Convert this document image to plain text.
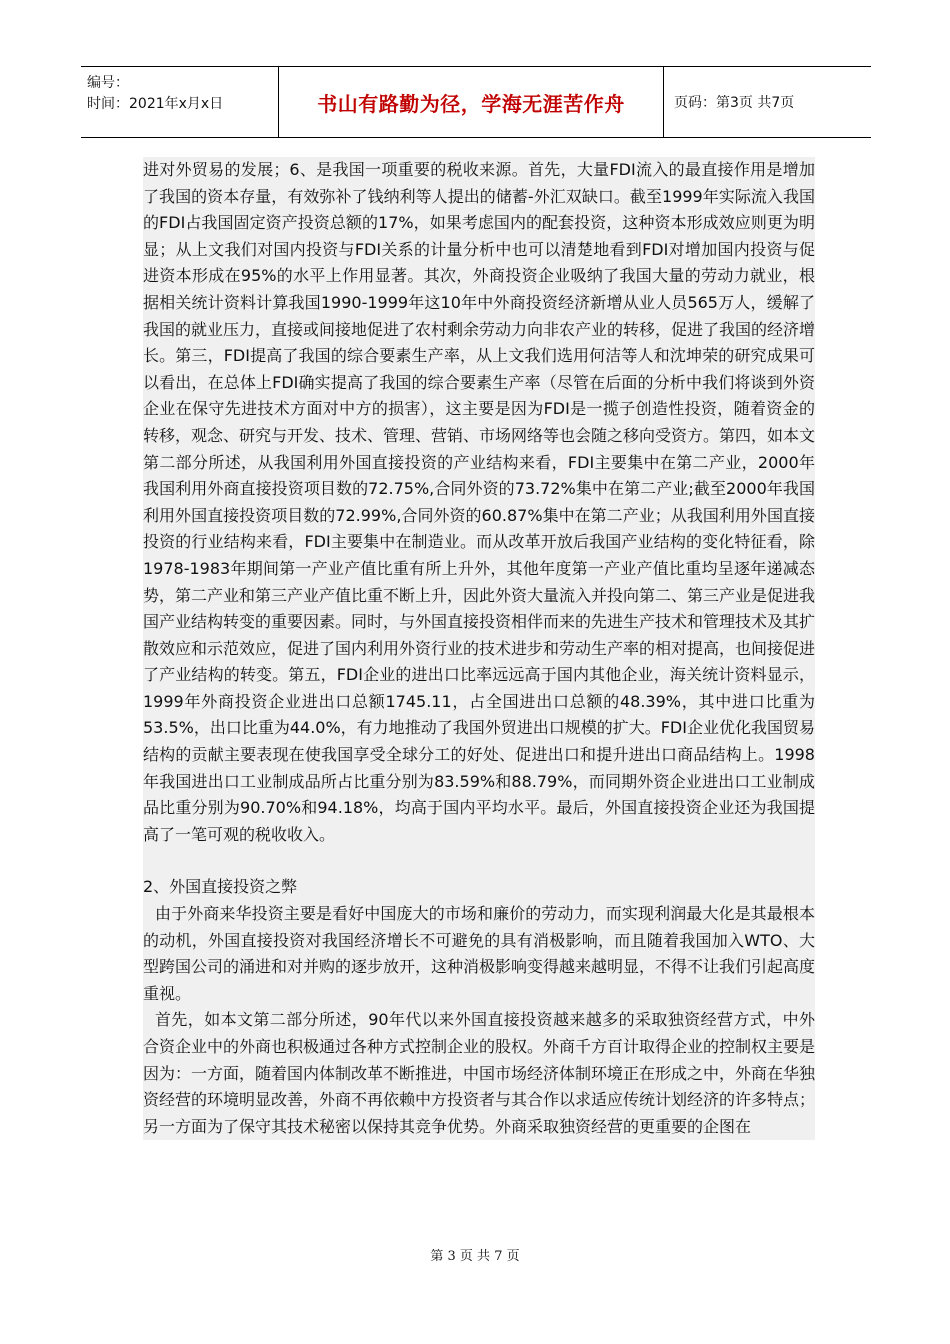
编号：
时间：2021年x月x日	书山有路勤为径，学海无涯苦作舟	页码：第3页 共7页

进对外贸易的发展；6、是我国一项重要的税收来源。首先，大量FDI流入的最直接作用是增加了我国的资本存量，有效弥补了钱纳利等人提出的储蓄-外汇双缺口。截至1999年实际流入我国的FDI占我国固定资产投资总额的17%，如果考虑国内的配套投资，这种资本形成效应则更为明显；从上文我们对国内投资与FDI关系的计量分析中也可以清楚地看到FDI对增加国内投资与促进资本形成在95%的水平上作用显著。其次，外商投资企业吸纳了我国大量的劳动力就业，根据相关统计资料计算我国1990-1999年这10年中外商投资经济新增从业人员565万人，缓解了我国的就业压力，直接或间接地促进了农村剩余劳动力向非农产业的转移，促进了我国的经济增长。第三，FDI提高了我国的综合要素生产率，从上文我们选用何洁等人和沈坤荣的研究成果可以看出，在总体上FDI确实提高了我国的综合要素生产率（尽管在后面的分析中我们将谈到外资企业在保守先进技术方面对中方的损害），这主要是因为FDI是一揽子创造性投资，随着资金的转移，观念、研究与开发、技术、管理、营销、市场网络等也会随之移向受资方。第四，如本文第二部分所述，从我国利用外国直接投资的产业结构来看，FDI主要集中在第二产业，2000年我国利用外商直接投资项目数的72.75%,合同外资的73.72%集中在第二产业;截至2000年我国利用外国直接投资项目数的72.99%,合同外资的60.87%集中在第二产业；从我国利用外国直接投资的行业结构来看，FDI主要集中在制造业。而从改革开放后我国产业结构的变化特征看，除1978-1983年期间第一产业产值比重有所上升外，其他年度第一产业产值比重均呈逐年递减态势，第二产业和第三产业产值比重不断上升，因此外资大量流入并投向第二、第三产业是促进我国产业结构转变的重要因素。同时，与外国直接投资相伴而来的先进生产技术和管理技术及其扩散效应和示范效应，促进了国内利用外资行业的技术进步和劳动生产率的相对提高，也间接促进了产业结构的转变。第五，FDI企业的进出口比率远远高于国内其他企业，海关统计资料显示，1999年外商投资企业进出口总额1745.11，占全国进出口总额的48.39%，其中进口比重为53.5%，出口比重为44.0%，有力地推动了我国外贸进出口规模的扩大。FDI企业优化我国贸易结构的贡献主要表现在使我国享受全球分工的好处、促进出口和提升进出口商品结构上。1998年我国进出口工业制成品所占比重分别为83.59%和88.79%，而同期外资企业进出口工业制成品比重分别为90.70%和94.18%，均高于国内平均水平。最后，外国直接投资企业还为我国提高了一笔可观的税收收入。

2、外国直接投资之弊

由于外商来华投资主要是看好中国庞大的市场和廉价的劳动力，而实现利润最大化是其最根本的动机，外国直接投资对我国经济增长不可避免的具有消极影响，而且随着我国加入WTO、大型跨国公司的涌进和对并购的逐步放开，这种消极影响变得越来越明显，不得不让我们引起高度重视。

首先，如本文第二部分所述，90年代以来外国直接投资越来越多的采取独资经营方式，中外合资企业中的外商也积极通过各种方式控制企业的股权。外商千方百计取得企业的控制权主要是因为：一方面，随着国内体制改革不断推进，中国市场经济体制环境正在形成之中，外商在华独资经营的环境明显改善，外商不再依赖中方投资者与其合作以求适应传统计划经济的许多特点；另一方面为了保守其技术秘密以保持其竞争优势。外商采取独资经营的更重要的企图在

第 3 页 共 7 页
